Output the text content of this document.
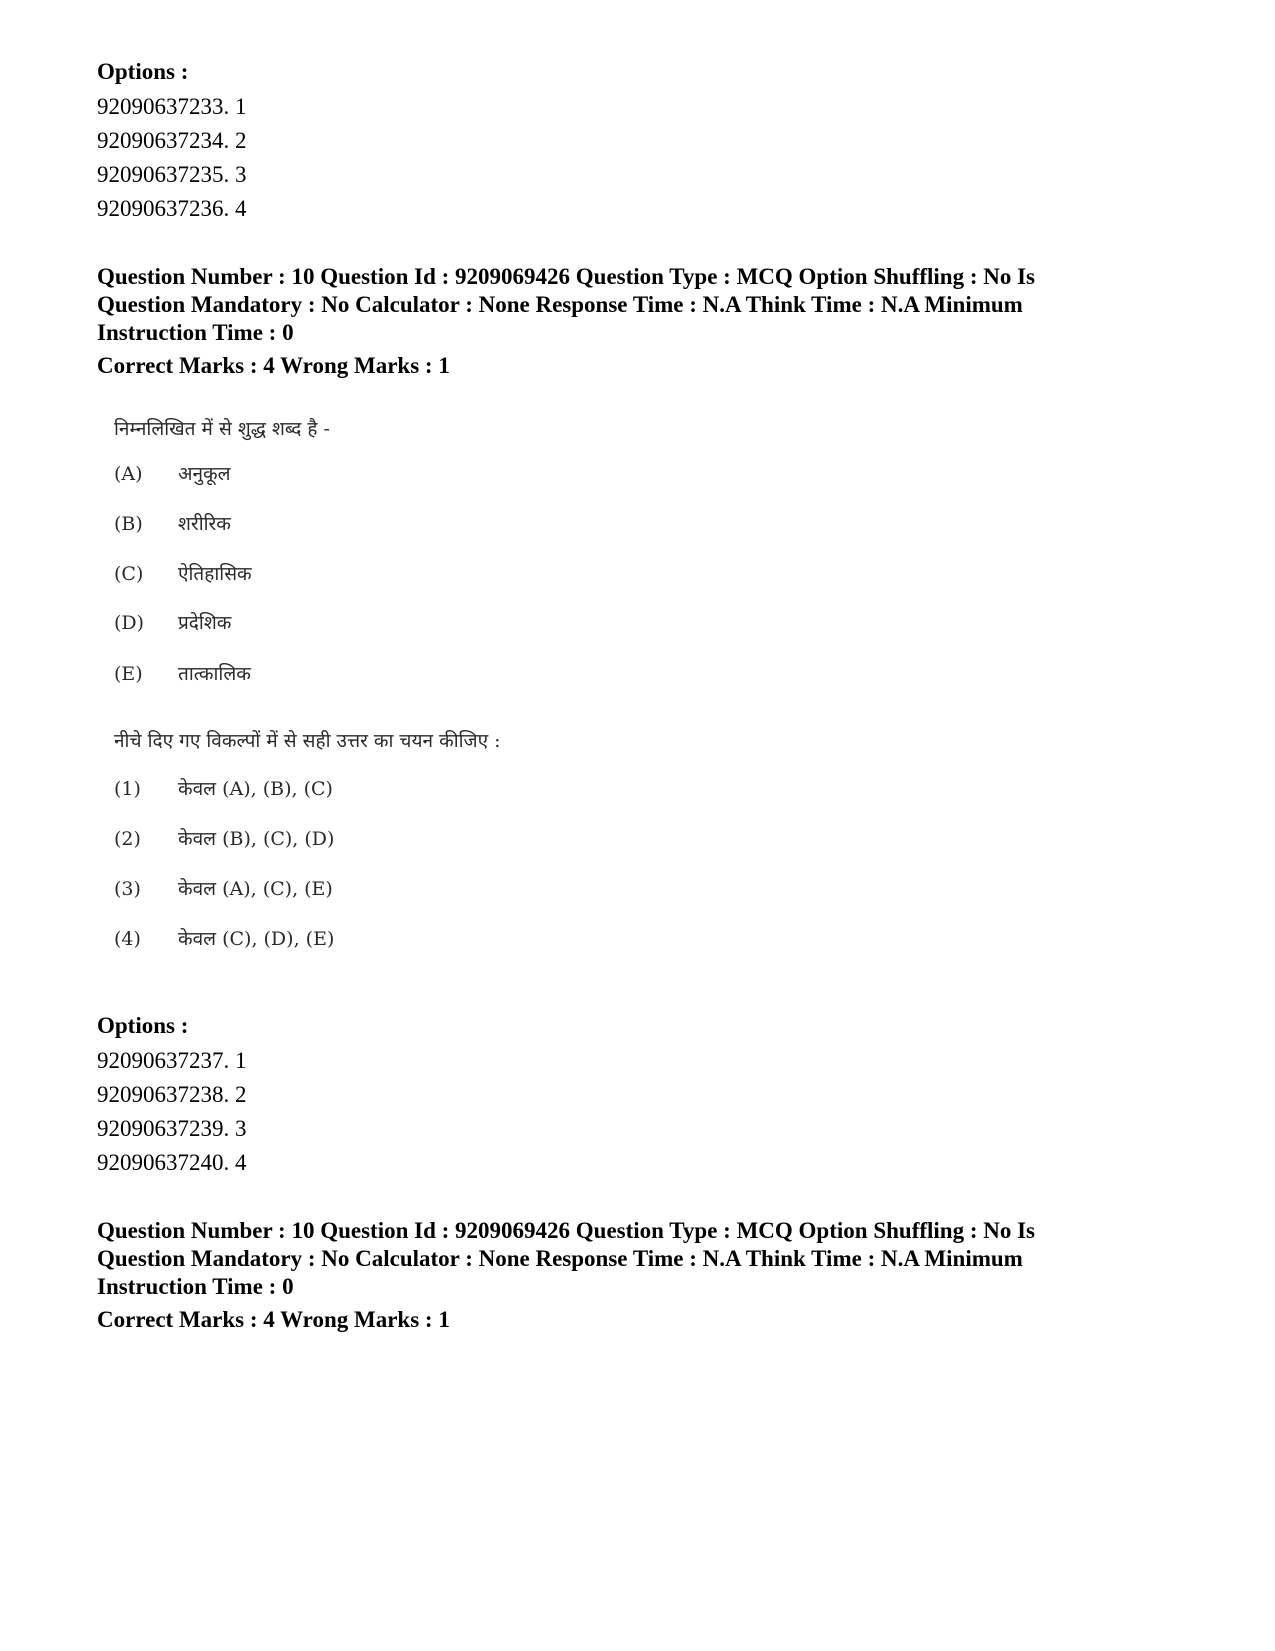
Options :
92090637233. 1
92090637234. 2
92090637235. 3
92090637236. 4
Question Number : 10 Question Id : 9209069426 Question Type : MCQ Option Shuffling : No Is
Question Mandatory : No Calculator : None Response Time : N.A Think Time : N.A Minimum
Instruction Time : 0
Correct Marks : 4 Wrong Marks : 1
निम्नलिखित में से शुद्ध शब्द है -
(A) अनुकूल
(B) शरीरिक
(C) ऐतिहासिक
(D) प्रदेशिक
(E) तात्कालिक
नीचे दिए गए विकल्पों में से सही उत्तर का चयन कीजिए :
(1) केवल (A), (B), (C)
(2) केवल (B), (C), (D)
(3) केवल (A), (C), (E)
(4) केवल (C), (D), (E)
Options :
92090637237. 1
92090637238. 2
92090637239. 3
92090637240. 4
Question Number : 10 Question Id : 9209069426 Question Type : MCQ Option Shuffling : No Is
Question Mandatory : No Calculator : None Response Time : N.A Think Time : N.A Minimum
Instruction Time : 0
Correct Marks : 4 Wrong Marks : 1
